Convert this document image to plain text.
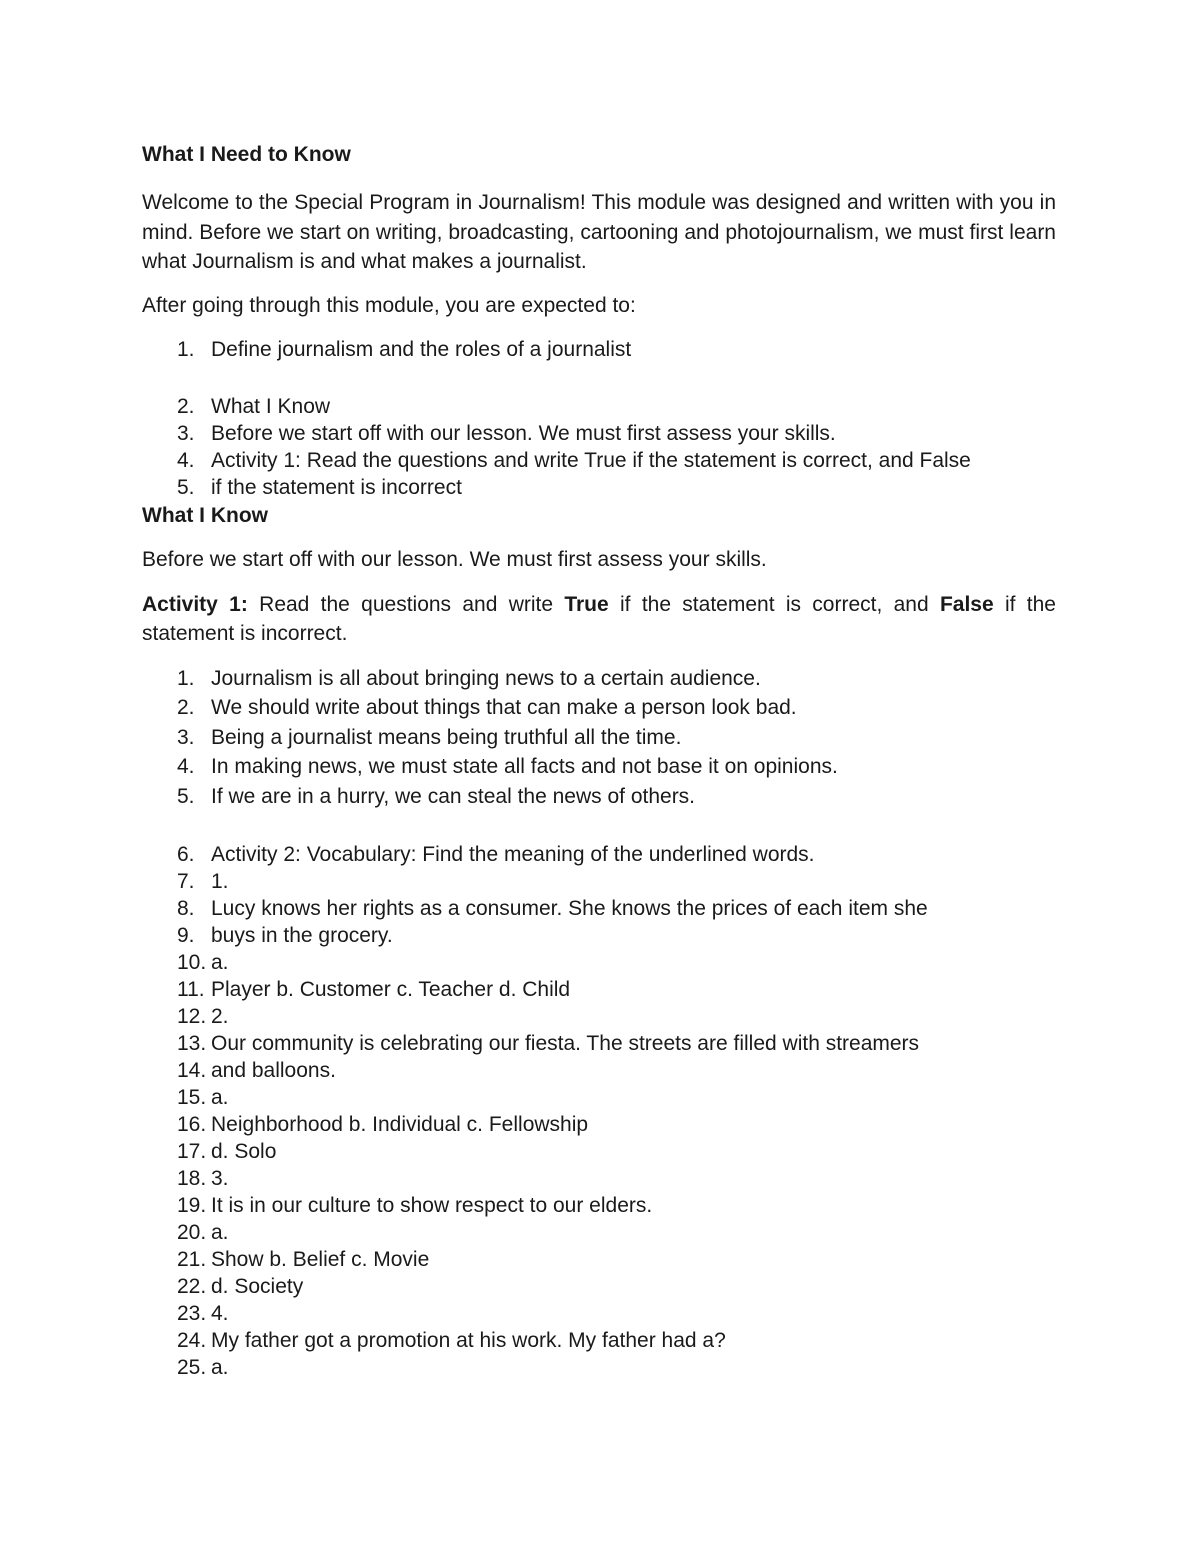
What I Need to Know

Welcome to the Special Program in Journalism! This module was designed and written with you in mind. Before we start on writing, broadcasting, cartooning and photojournalism, we must first learn what Journalism is and what makes a journalist.

After going through this module, you are expected to:

1. Define journalism and the roles of a journalist
2. What I Know
3. Before we start off with our lesson. We must first assess your skills.
4. Activity 1: Read the questions and write True if the statement is correct, and False
5. if the statement is incorrect
What I Know

Before we start off with our lesson. We must first assess your skills.

Activity 1: Read the questions and write True if the statement is correct, and False if the statement is incorrect.

1. Journalism is all about bringing news to a certain audience.
2. We should write about things that can make a person look bad.
3. Being a journalist means being truthful all the time.
4. In making news, we must state all facts and not base it on opinions.
5. If we are in a hurry, we can steal the news of others.
6. Activity 2: Vocabulary: Find the meaning of the underlined words.
7. 1.
8. Lucy knows her rights as a consumer. She knows the prices of each item she
9. buys in the grocery.
10. a.
11. Player b. Customer c. Teacher d. Child
12. 2.
13. Our community is celebrating our fiesta. The streets are filled with streamers
14. and balloons.
15. a.
16. Neighborhood b. Individual c. Fellowship
17. d. Solo
18. 3.
19. It is in our culture to show respect to our elders.
20. a.
21. Show b. Belief c. Movie
22. d. Society
23. 4.
24. My father got a promotion at his work. My father had a?
25. a.
